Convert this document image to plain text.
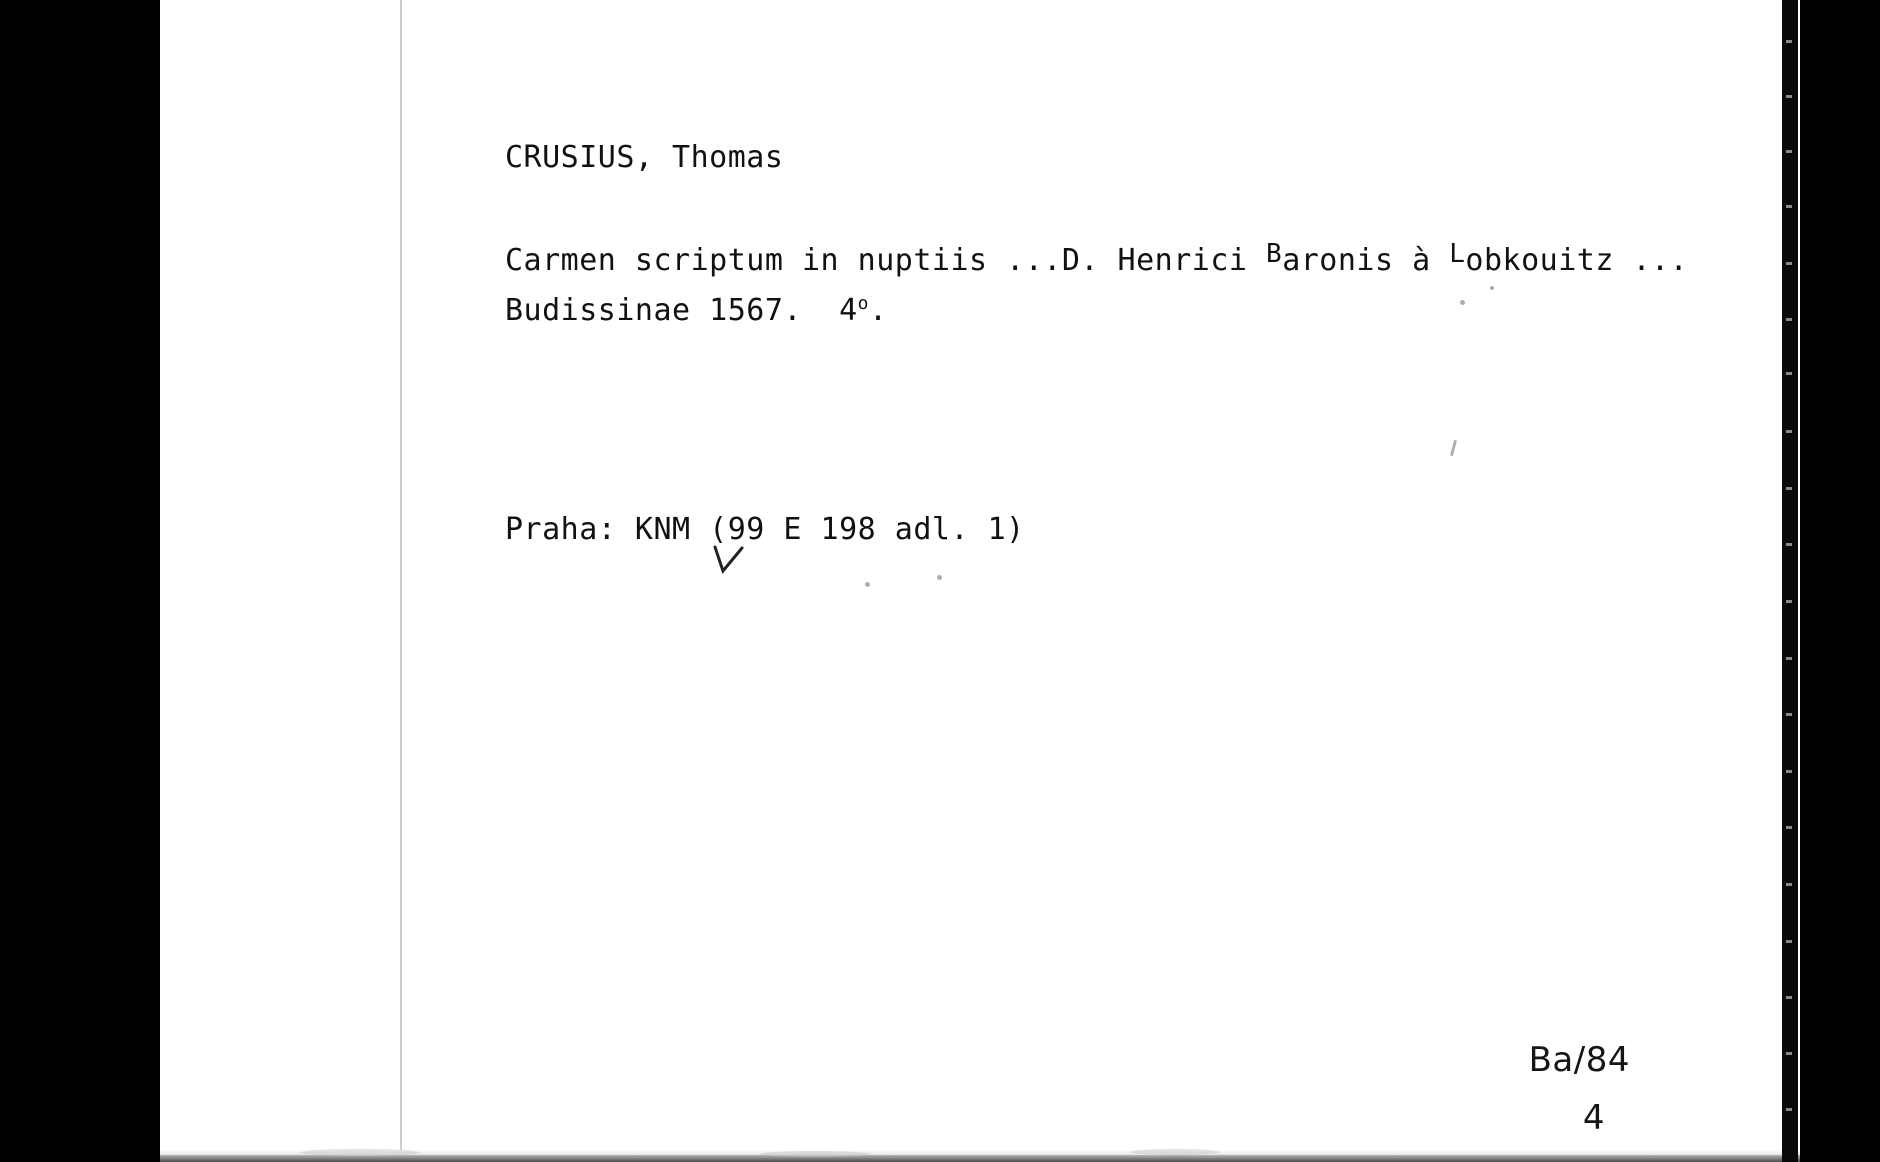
CRUSIUS, Thomas
Carmen scriptum in nuptiis ...D. Henrici Baronis à Lobkouitz ...
Budissinae 1567.  4$^o$.
Praha: KNM (99 E 198 adl. 1)
Ba/84
4
